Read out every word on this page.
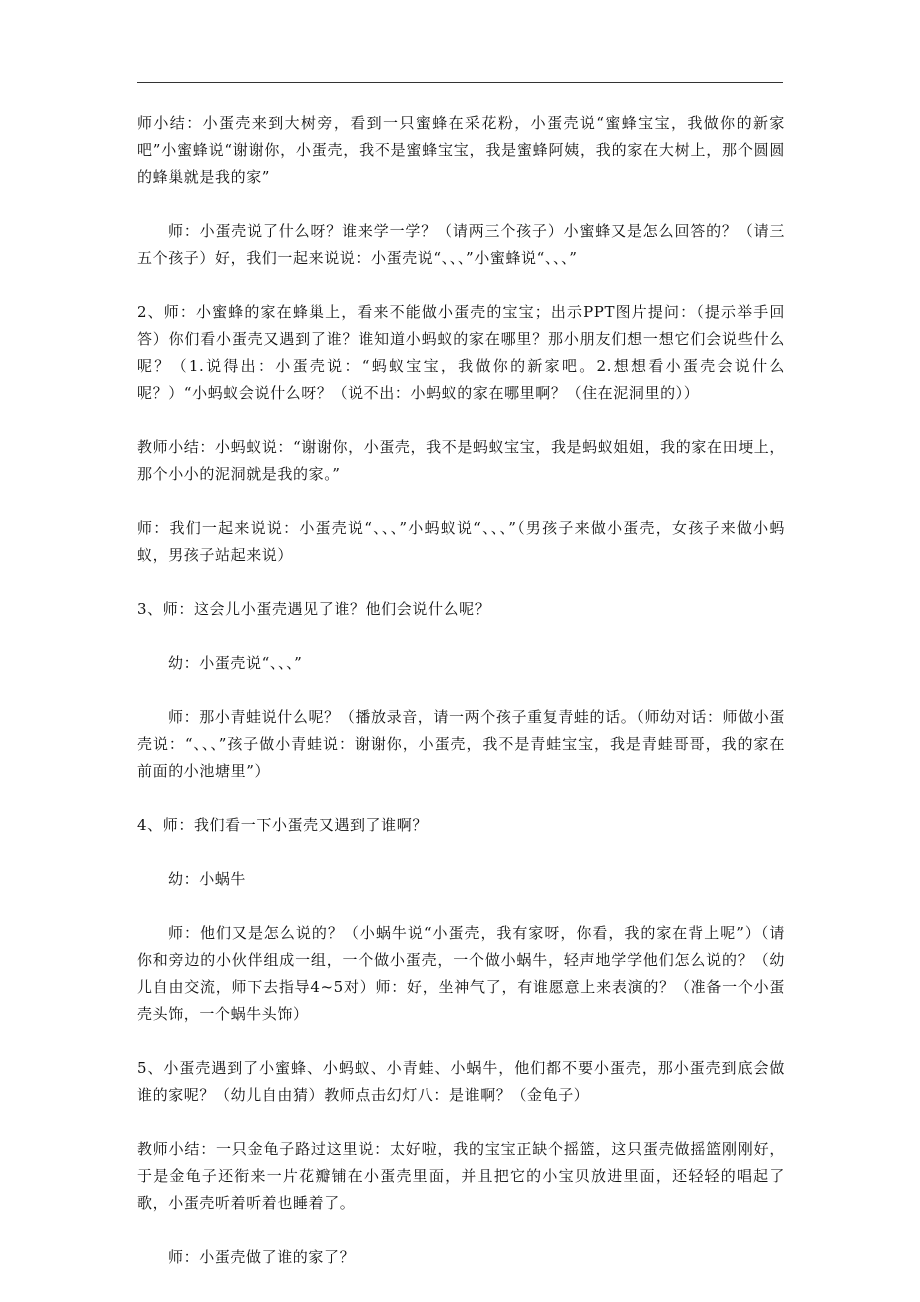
师小结：小蛋壳来到大树旁，看到一只蜜蜂在采花粉，小蛋壳说“蜜蜂宝宝，我做你的新家吧”小蜜蜂说“谢谢你，小蛋壳，我不是蜜蜂宝宝，我是蜜蜂阿姨，我的家在大树上，那个圆圆的蜂巢就是我的家”

师：小蛋壳说了什么呀？谁来学一学？（请两三个孩子）小蜜蜂又是怎么回答的？（请三五个孩子）好，我们一起来说说：小蛋壳说“、、、”小蜜蜂说“、、、”

2、师：小蜜蜂的家在蜂巢上，看来不能做小蛋壳的宝宝；出示PPT图片提问：（提示举手回答）你们看小蛋壳又遇到了谁？谁知道小蚂蚁的家在哪里？那小朋友们想一想它们会说些什么呢？（1.说得出：小蛋壳说：“蚂蚁宝宝，我做你的新家吧。2.想想看小蛋壳会说什么呢？）“小蚂蚁会说什么呀？（说不出：小蚂蚁的家在哪里啊？（住在泥洞里的））

教师小结：小蚂蚁说：“谢谢你，小蛋壳，我不是蚂蚁宝宝，我是蚂蚁姐姐，我的家在田埂上，那个小小的泥洞就是我的家。”

师：我们一起来说说：小蛋壳说“、、、”小蚂蚁说“、、、”（男孩子来做小蛋壳，女孩子来做小蚂蚁，男孩子站起来说）

3、师：这会儿小蛋壳遇见了谁？他们会说什么呢？

幼：小蛋壳说“、、、”

师：那小青蛙说什么呢？（播放录音，请一两个孩子重复青蛙的话。（师幼对话：师做小蛋壳说：“、、、”孩子做小青蛙说：谢谢你，小蛋壳，我不是青蛙宝宝，我是青蛙哥哥，我的家在前面的小池塘里”）

4、师：我们看一下小蛋壳又遇到了谁啊？

幼：小蜗牛

师：他们又是怎么说的？（小蜗牛说“小蛋壳，我有家呀，你看，我的家在背上呢”）（请你和旁边的小伙伴组成一组，一个做小蛋壳，一个做小蜗牛，轻声地学学他们怎么说的？（幼儿自由交流，师下去指导4~5对）师：好，坐神气了，有谁愿意上来表演的？（准备一个小蛋壳头饰，一个蜗牛头饰）

5、小蛋壳遇到了小蜜蜂、小蚂蚁、小青蛙、小蜗牛，他们都不要小蛋壳，那小蛋壳到底会做谁的家呢？（幼儿自由猜）教师点击幻灯八：是谁啊？（金龟子）

教师小结：一只金龟子路过这里说：太好啦，我的宝宝正缺个摇篮，这只蛋壳做摇篮刚刚好，于是金龟子还衔来一片花瓣铺在小蛋壳里面，并且把它的小宝贝放进里面，还轻轻的唱起了歌，小蛋壳听着听着也睡着了。

师：小蛋壳做了谁的家了？
